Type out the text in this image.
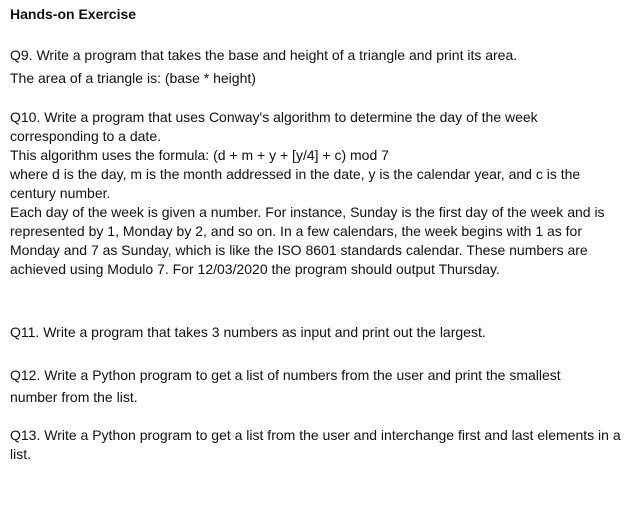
Hands-on Exercise
Q9. Write a program that takes the base and height of a triangle and print its area.
The area of a triangle is: (base * height)
Q10. Write a program that uses Conway's algorithm to determine the day of the week corresponding to a date.
This algorithm uses the formula: (d + m + y + [y/4] + c) mod 7
where d is the day, m is the month addressed in the date, y is the calendar year, and c is the century number.
Each day of the week is given a number. For instance, Sunday is the first day of the week and is represented by 1, Monday by 2, and so on. In a few calendars, the week begins with 1 as for Monday and 7 as Sunday, which is like the ISO 8601 standards calendar. These numbers are achieved using Modulo 7. For 12/03/2020 the program should output Thursday.
Q11. Write a program that takes 3 numbers as input and print out the largest.
Q12. Write a Python program to get a list of numbers from the user and print the smallest
number from the list.
Q13. Write a Python program to get a list from the user and interchange first and last elements in a list.
